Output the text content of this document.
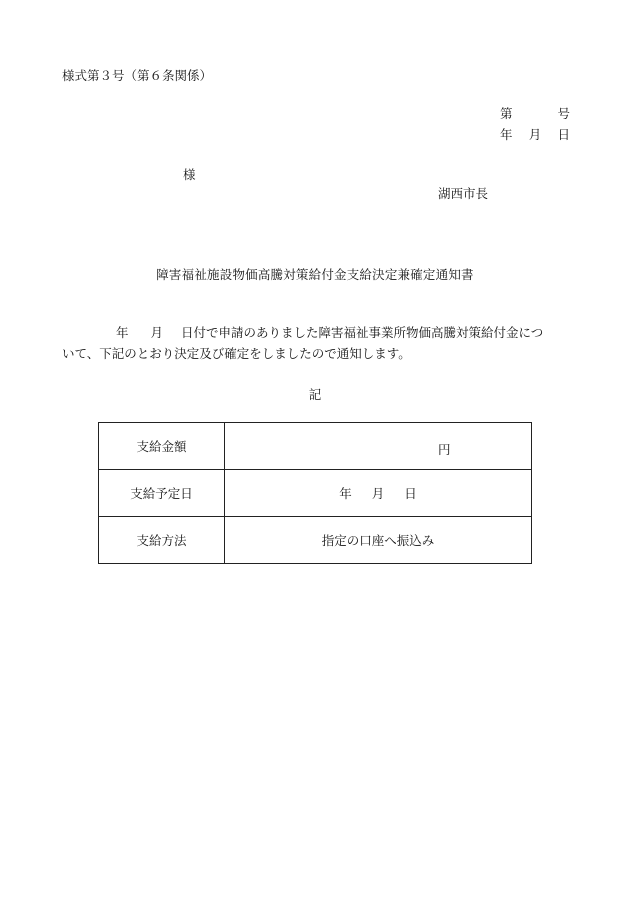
様式第３号（第６条関係）
第	号
年 月 日
様
湖西市長
障害福祉施設物価高騰対策給付金支給決定兼確定通知書
年 月 日付で申請のありました障害福祉事業所物価高騰対策給付金につ
いて、下記のとおり決定及び確定をしましたので通知します。
記
支給金額	円

支給予定日	年 月 日
支給方法	指定の口座へ振込み
